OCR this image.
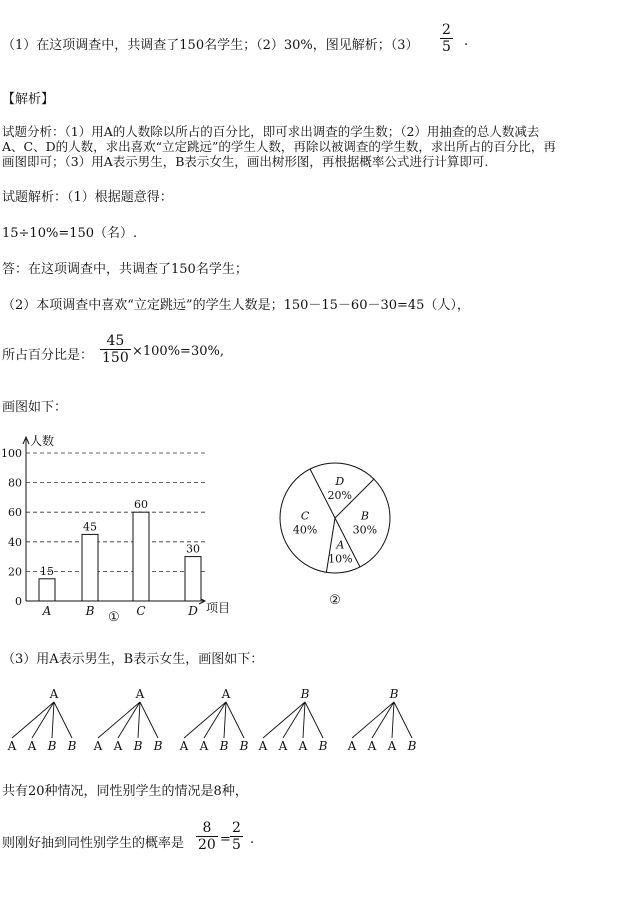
（1）在这项调查中，共调查了150名学生；（2）30%，图见解析；$(3) \frac{2}{5}$ .
【解析】
试题分析：（1）用A的人数除以所占的百分比，即可求出调查的学生数；（2）用抽查的总人数减去
A、C、D的人数，求出喜欢“立定跳远”的学生人数，再除以被调查的学生数，求出所占的百分比，再
画图即可；（3）用A表示男生，B表示女生，画出树形图，再根据概率公式进行计算即可.
试题解析：（1）根据题意得：
15÷10%=150（名）.
答：在这项调查中，共调查了150名学生；
（2）本项调查中喜欢“立定跳远”的学生人数是；150－15－60－30=45（人），
所占百分比是： $\frac{45}{150} \times 100\%=30\%$,
画图如下：
人数
项目
①
0
20
40
60
80
100
15
A
45
B
60
C
30
D
②
B
30%
A
10%
C
40%
D
20%
（3）用A表示男生，B表示女生，画图如下：
A
A A B B
A
A A B B
A
A A B B
B
A A A B
B
A A A B
共有20种情况，同性别学生的情况是8种，
则刚好抽到同性别学生的概率是 $\frac{8}{20} = \frac{2}{5}$ .
